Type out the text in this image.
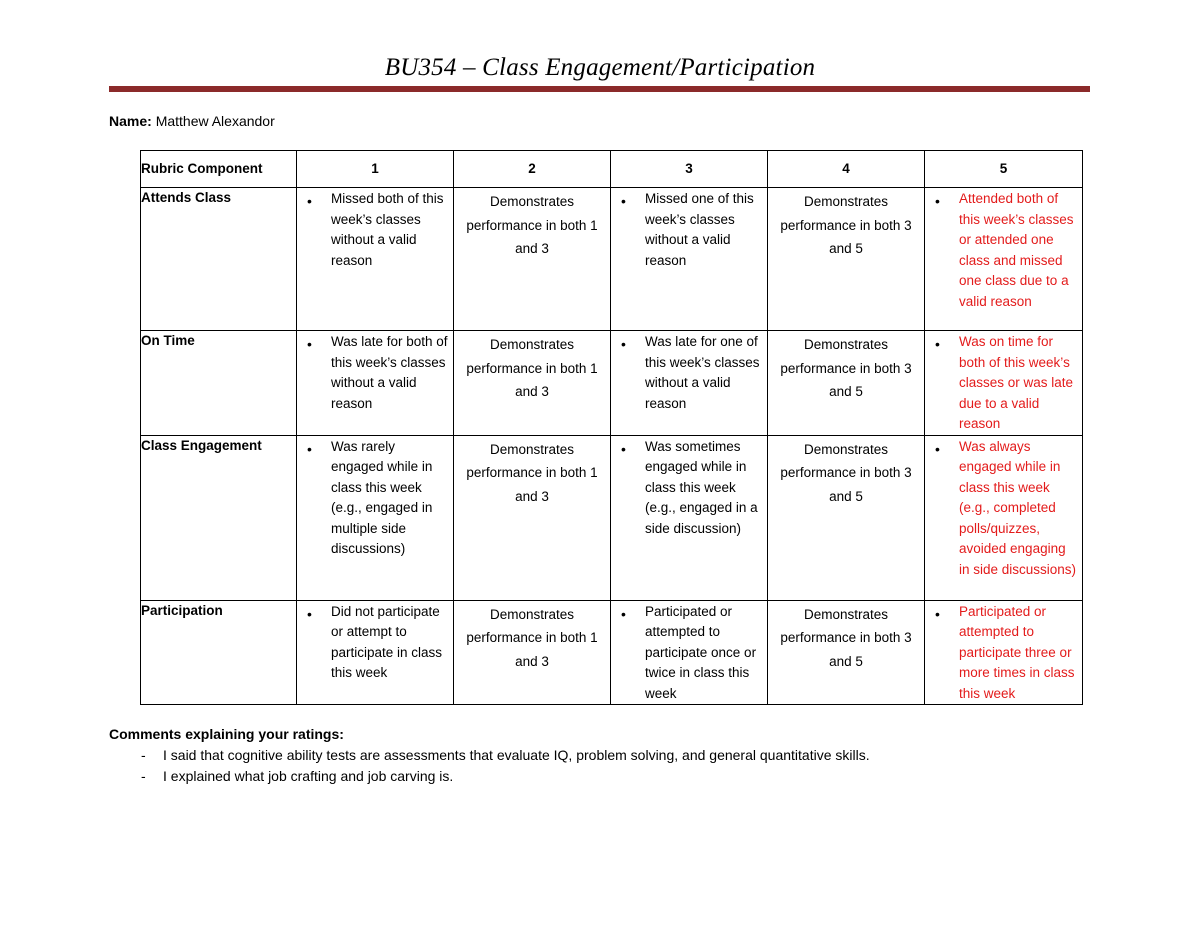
BU354 – Class Engagement/Participation
Name: Matthew Alexandor
Rubric Component	1	2	3	4	5
Attends Class	• Missed both of this week’s classes without a valid reason	Demonstrates performance in both 1 and 3	• Missed one of this week’s classes without a valid reason	Demonstrates performance in both 3 and 5	• Attended both of this week’s classes or attended one class and missed one class due to a valid reason
On Time	• Was late for both of this week’s classes without a valid reason	Demonstrates performance in both 1 and 3	• Was late for one of this week’s classes without a valid reason	Demonstrates performance in both 3 and 5	• Was on time for both of this week’s classes or was late due to a valid reason
Class Engagement	• Was rarely engaged while in class this week (e.g., engaged in multiple side discussions)	Demonstrates performance in both 1 and 3	• Was sometimes engaged while in class this week (e.g., engaged in a side discussion)	Demonstrates performance in both 3 and 5	• Was always engaged while in class this week (e.g., completed polls/quizzes, avoided engaging in side discussions)
Participation	• Did not participate or attempt to participate in class this week	Demonstrates performance in both 1 and 3	• Participated or attempted to participate once or twice in class this week	Demonstrates performance in both 3 and 5	• Participated or attempted to participate three or more times in class this week
Comments explaining your ratings:
- I said that cognitive ability tests are assessments that evaluate IQ, problem solving, and general quantitative skills.
- I explained what job crafting and job carving is.
